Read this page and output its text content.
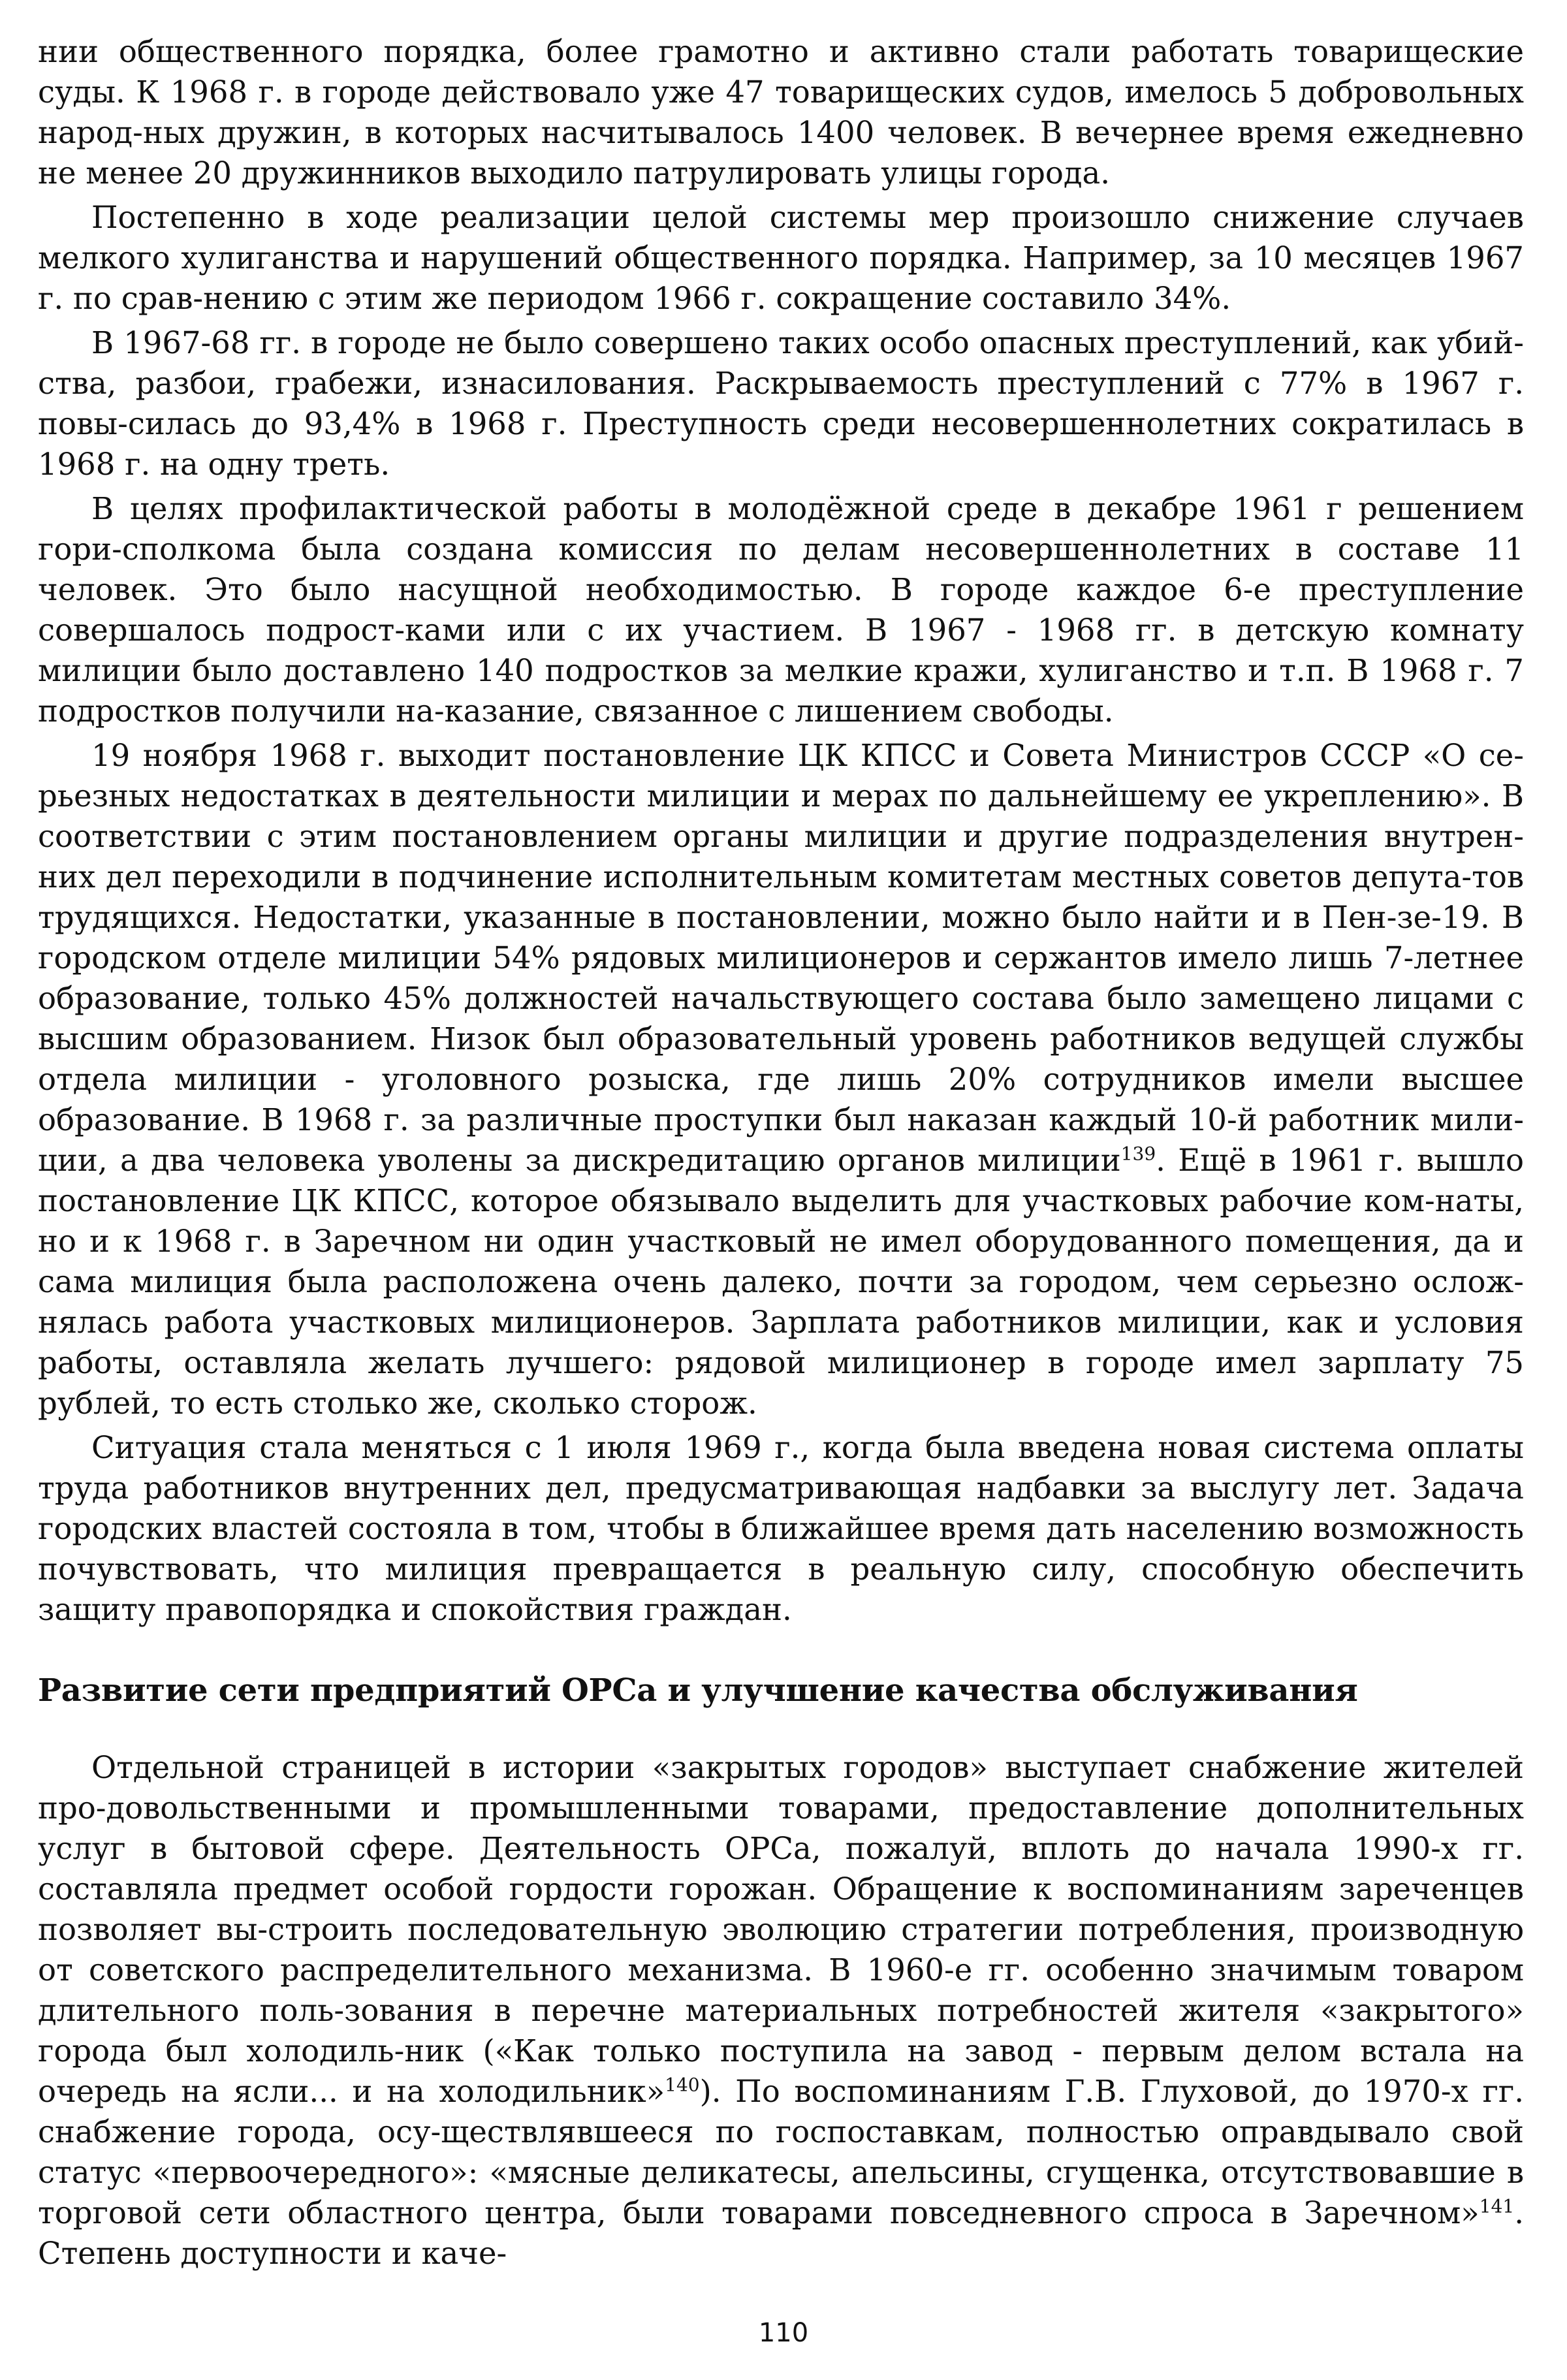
нии общественного порядка, более грамотно и активно стали работать товарищеские суды. К 1968 г. в городе действовало уже 47 товарищеских судов, имелось 5 добровольных народ-ных дружин, в которых насчитывалось 1400 человек. В вечернее время ежедневно не менее 20 дружинников выходило патрулировать улицы города.

Постепенно в ходе реализации целой системы мер произошло снижение случаев мелкого хулиганства и нарушений общественного порядка. Например, за 10 месяцев 1967 г. по срав-нению с этим же периодом 1966 г. сокращение составило 34%.

В 1967-68 гг. в городе не было совершено таких особо опасных преступлений, как убий-ства, разбои, грабежи, изнасилования. Раскрываемость преступлений с 77% в 1967 г. повы-силась до 93,4% в 1968 г. Преступность среди несовершеннолетних сократилась в 1968 г. на одну треть.

В целях профилактической работы в молодёжной среде в декабре 1961 г решением гори-сполкома была создана комиссия по делам несовершеннолетних в составе 11 человек. Это было насущной необходимостью. В городе каждое 6-е преступление совершалось подрост-ками или с их участием. В 1967 - 1968 гг. в детскую комнату милиции было доставлено 140 подростков за мелкие кражи, хулиганство и т.п. В 1968 г. 7 подростков получили на-казание, связанное с лишением свободы.

19 ноября 1968 г. выходит постановление ЦК КПСС и Совета Министров СССР «О се-рьезных недостатках в деятельности милиции и мерах по дальнейшему ее укреплению». В соответствии с этим постановлением органы милиции и другие подразделения внутрен-них дел переходили в подчинение исполнительным комитетам местных советов депута-тов трудящихся. Недостатки, указанные в постановлении, можно было найти и в Пен-зе-19. В городском отделе милиции 54% рядовых милиционеров и сержантов имело лишь 7-летнее образование, только 45% должностей начальствующего состава было замещено лицами с высшим образованием. Низок был образовательный уровень работников ведущей службы отдела милиции - уголовного розыска, где лишь 20% сотрудников имели высшее образование. В 1968 г. за различные проступки был наказан каждый 10-й работник мили-ции, а два человека уволены за дискредитацию органов милиции$^{139}$. Ещё в 1961 г. вышло постановление ЦК КПСС, которое обязывало выделить для участковых рабочие ком-наты, но и к 1968 г. в Заречном ни один участковый не имел оборудованного помещения, да и сама милиция была расположена очень далеко, почти за городом, чем серьезно ослож-нялась работа участковых милиционеров. Зарплата работников милиции, как и условия работы, оставляла желать лучшего: рядовой милиционер в городе имел зарплату 75 рублей, то есть столько же, сколько сторож.

Ситуация стала меняться с 1 июля 1969 г., когда была введена новая система оплаты труда работников внутренних дел, предусматривающая надбавки за выслугу лет. Задача городских властей состояла в том, чтобы в ближайшее время дать населению возможность почувствовать, что милиция превращается в реальную силу, способную обеспечить защиту правопорядка и спокойствия граждан.

Развитие сети предприятий ОРСа и улучшение качества обслуживания

Отдельной страницей в истории «закрытых городов» выступает снабжение жителей про-довольственными и промышленными товарами, предоставление дополнительных услуг в бытовой сфере. Деятельность ОРСа, пожалуй, вплоть до начала 1990-х гг. составляла предмет особой гордости горожан. Обращение к воспоминаниям зареченцев позволяет вы-строить последовательную эволюцию стратегии потребления, производную от советского распределительного механизма. В 1960-е гг. особенно значимым товаром длительного поль-зования в перечне материальных потребностей жителя «закрытого» города был холодиль-ник («Как только поступила на завод - первым делом встала на очередь на ясли... и на холодильник»$^{140}$). По воспоминаниям Г.В. Глуховой, до 1970-х гг. снабжение города, осу-ществлявшееся по госпоставкам, полностью оправдывало свой статус «первоочередного»: «мясные деликатесы, апельсины, сгущенка, отсутствовавшие в торговой сети областного центра, были товарами повседневного спроса в Заречном»$^{141}$. Степень доступности и каче-

110
